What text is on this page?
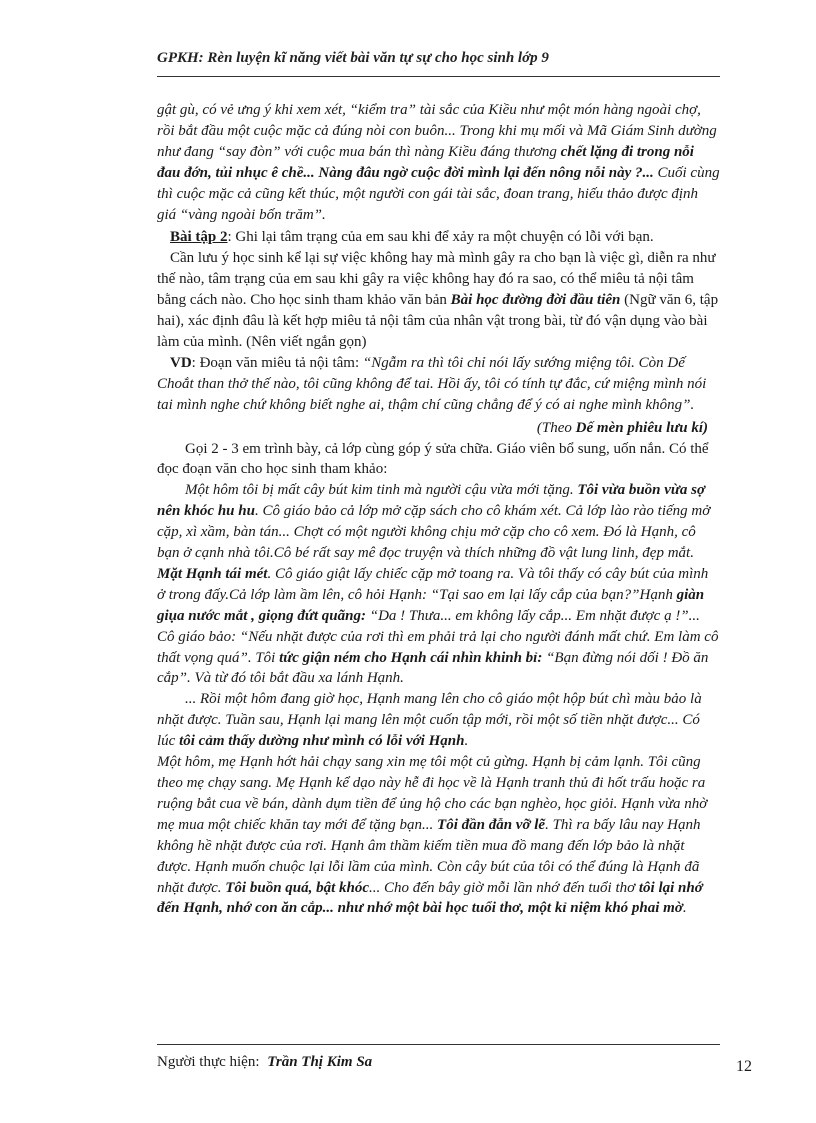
GPKH: Rèn luyện kĩ năng viết bài văn tự sự cho học sinh lớp 9

gật gù, có vẻ ưng ý khi xem xét, “kiểm tra” tài sắc của Kiều như một món hàng ngoài chợ, rồi bắt đầu một cuộc mặc cả đúng nòi con buôn... Trong khi mụ mối và Mã Giám Sinh dường như đang “say đòn” với cuộc mua bán thì nàng Kiều đáng thương chết lặng đi trong nỗi đau đớn, tủi nhục ê chề... Nàng đâu ngờ cuộc đời mình lại đến nông nỗi này ?... Cuối cùng thì cuộc mặc cả cũng kết thúc, một người con gái tài sắc, đoan trang, hiếu thảo được định giá “vàng ngoài bốn trăm”.

Bài tập 2: Ghi lại tâm trạng của em sau khi để xảy ra một chuyện có lỗi với bạn.

Cần lưu ý học sinh kể lại sự việc không hay mà mình gây ra cho bạn là việc gì, diễn ra như thế nào, tâm trạng của em sau khi gây ra việc không hay đó ra sao, có thể miêu tả nội tâm bằng cách nào. Cho học sinh tham khảo văn bản Bài học đường đời đầu tiên (Ngữ văn 6, tập hai), xác định đâu là kết hợp miêu tả nội tâm của nhân vật trong bài, từ đó vận dụng vào bài làm của mình. (Nên viết ngắn gọn)

VD: Đoạn văn miêu tả nội tâm: “Ngẫm ra thì tôi chỉ nói lấy sướng miệng tôi. Còn Dế Choắt than thở thế nào, tôi cũng không để tai. Hồi ấy, tôi có tính tự đắc, cứ miệng mình nói tai mình nghe chứ không biết nghe ai, thậm chí cũng chẳng để ý có ai nghe mình không”.

(Theo Dế mèn phiêu lưu kí)

Gọi 2 - 3 em trình bày, cả lớp cùng góp ý sửa chữa. Giáo viên bổ sung, uốn nắn. Có thể đọc đoạn văn cho học sinh tham khảo:

Một hôm tôi bị mất cây bút kim tinh mà người cậu vừa mới tặng. Tôi vừa buồn vừa sợ nên khóc hu hu. Cô giáo bảo cả lớp mở cặp sách cho cô khám xét. Cả lớp lào rào tiếng mở cặp, xì xầm, bàn tán... Chợt có một người không chịu mở cặp cho cô xem. Đó là Hạnh, cô bạn ở cạnh nhà tôi.Cô bé rất say mê đọc truyện và thích những đồ vật lung linh, đẹp mắt. Mặt Hạnh tái mét. Cô giáo giật lấy chiếc cặp mở toang ra. Và tôi thấy có cây bút của mình ở trong đấy.Cả lớp làm ầm lên, cô hỏi Hạnh: “Tại sao em lại lấy cắp của bạn?”Hạnh giàn giụa nước mắt , giọng đứt quãng: “Da ! Thưa... em không lấy cắp... Em nhặt được ạ !”... Cô giáo bảo: “Nếu nhặt được của rơi thì em phải trả lại cho người đánh mất chứ. Em làm cô thất vọng quá”. Tôi tức giận ném cho Hạnh cái nhìn khinh bỉ: “Bạn đừng nói dối ! Đồ ăn cắp”. Và từ đó tôi bắt đầu xa lánh Hạnh.

... Rồi một hôm đang giờ học, Hạnh mang lên cho cô giáo một hộp bút chì màu bảo là nhặt được. Tuần sau, Hạnh lại mang lên một cuốn tập mới, rồi một số tiền nhặt được... Có lúc tôi cảm thấy dường như mình có lỗi với Hạnh.

Một hôm, mẹ Hạnh hớt hải chạy sang xin mẹ tôi một củ gừng. Hạnh bị cảm lạnh. Tôi cũng theo mẹ chạy sang. Mẹ Hạnh kể dạo này hễ đi học về là Hạnh tranh thủ đi hốt trấu hoặc ra ruộng bắt cua về bán, dành dụm tiền để ủng hộ cho các bạn nghèo, học giỏi. Hạnh vừa nhờ mẹ mua một chiếc khăn tay mới để tặng bạn... Tôi đần đẫn vỡ lẽ. Thì ra bấy lâu nay Hạnh không hề nhặt được của rơi. Hạnh âm thầm kiếm tiền mua đồ mang đến lớp bảo là nhặt được. Hạnh muốn chuộc lại lỗi lầm của mình. Còn cây bút của tôi có thể đúng là Hạnh đã nhặt được. Tôi buồn quá, bật khóc... Cho đến bây giờ mỗi lần nhớ đến tuổi thơ tôi lại nhớ đến Hạnh, nhớ con ăn cắp... như nhớ một bài học tuổi thơ, một kỉ niệm khó phai mờ.

Người thực hiện: Trần Thị Kim Sa	12
